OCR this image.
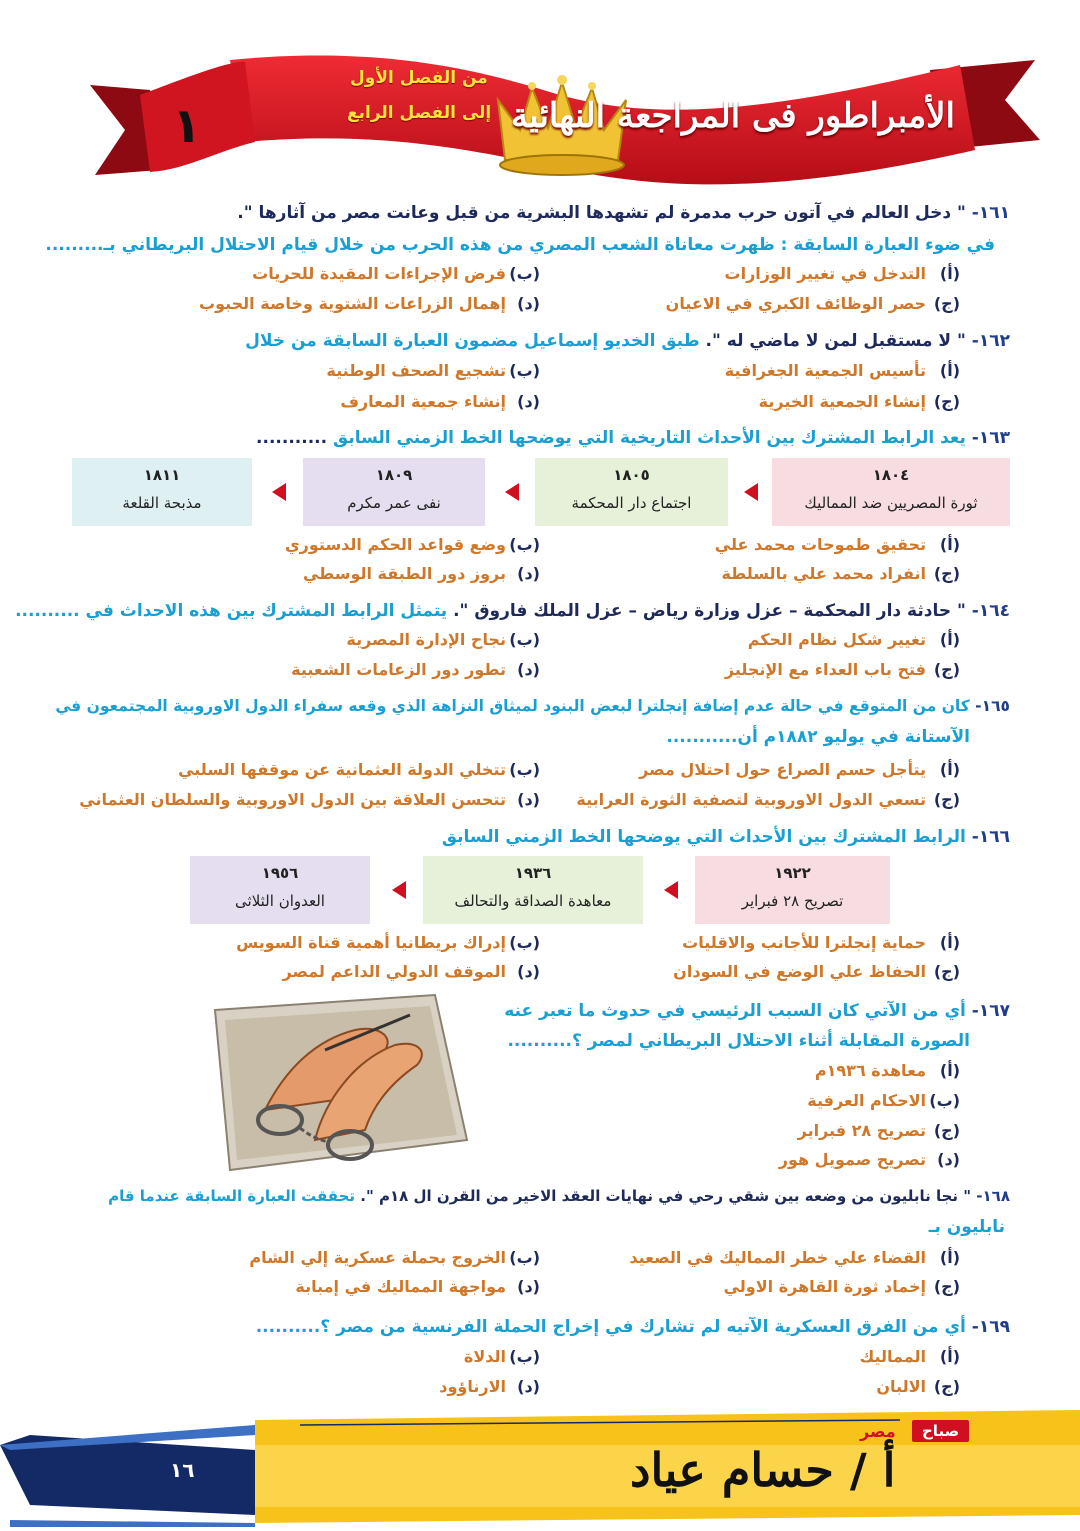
الأمبراطور فى المراجعة النهائية
من الفصل الأول
إلى الفصل الرابع
١
١٦١- " دخل العالم في آتون حرب مدمرة لم تشهدها البشرية من قبل وعانت مصر من آثارها ".
في ضوء العبارة السابقة : ظهرت معاناة الشعب المصري من هذه الحرب من خلال قيام الاحتلال البريطاني بـ.........
(أ)التدخل في تغيير الوزارات
(ب)فرض الإجراءات المقيدة للحريات
(ج)حصر الوظائف الكبري في الاعيان
(د)إهمال الزراعات الشتوية وخاصة الحبوب
١٦٢- " لا مستقبل لمن لا ماضي له ". طبق الخديو إسماعيل مضمون العبارة السابقة من خلال
(أ)تأسيس الجمعية الجغرافية
(ب)تشجيع الصحف الوطنية
(ج)إنشاء الجمعية الخيرية
(د)إنشاء جمعية المعارف
١٦٣- يعد الرابط المشترك بين الأحداث التاريخية التي يوضحها الخط الزمني السابق ...........
١٨٠٤
ثورة المصريين ضد المماليك
١٨٠٥
اجتماع دار المحكمة
١٨٠٩
نفى عمر مكرم
١٨١١
مذبحة القلعة
(أ)تحقيق طموحات محمد علي
(ب)وضع قواعد الحكم الدستوري
(ج)انفراد محمد علي بالسلطة
(د)بروز دور الطبقة الوسطي
١٦٤- " حادثة دار المحكمة – عزل وزارة رياض – عزل الملك فاروق ". يتمثل الرابط المشترك بين هذه الاحداث في ..........
(أ)تغيير شكل نظام الحكم
(ب)نجاح الإدارة المصرية
(ج)فتح باب العداء مع الإنجليز
(د)تطور دور الزعامات الشعبية
١٦٥- كان من المتوقع في حالة عدم إضافة إنجلترا لبعض البنود لميثاق النزاهة الذي وقعه سفراء الدول الاوروبية المجتمعون في
الآستانة في يوليو ١٨٨٢م أن...........
(أ)يتأجل حسم الصراع حول احتلال مصر
(ب)تتخلي الدولة العثمانية عن موقفها السلبي
(ج)تسعي الدول الاوروبية لتصفية الثورة العرابية
(د)تتحسن العلاقة بين الدول الاوروبية والسلطان العثماني
١٦٦- الرابط المشترك بين الأحداث التي يوضحها الخط الزمني السابق
١٩٢٢
تصريح ٢٨ فبراير
١٩٣٦
معاهدة الصداقة والتحالف
١٩٥٦
العدوان الثلاثى
(أ)حماية إنجلترا للأجانب والاقليات
(ب)إدراك بريطانيا أهمية قناة السويس
(ج)الحفاظ علي الوضع في السودان
(د)الموقف الدولي الداعم لمصر
١٦٧- أي من الآتي كان السبب الرئيسي في حدوث ما تعبر عنه
الصورة المقابلة أثناء الاحتلال البريطاني لمصر ؟..........
(أ)معاهدة ١٩٣٦م
(ب)الاحكام العرفية
(ج)تصريح ٢٨ فبراير
(د)تصريح صمويل هور
١٦٨- " نجا نابليون من وضعه بين شقي رحي في نهايات العقد الاخير من القرن ال ١٨م ". تحققت العبارة السابقة عندما قام
نابليون بـ
(أ)القضاء علي خطر المماليك في الصعيد
(ب)الخروج بحملة عسكرية إلي الشام
(ج)إخماد ثورة القاهرة الاولي
(د)مواجهة المماليك في إمبابة
١٦٩- أي من الفرق العسكرية الآتيه لم تشارك في إخراج الحملة الفرنسية من مصر ؟..........
(أ)المماليك
(ب)الدلاة
(ج)الالبان
(د)الارناؤود
مصر	صباح
أ / حسام عياد
١٦
